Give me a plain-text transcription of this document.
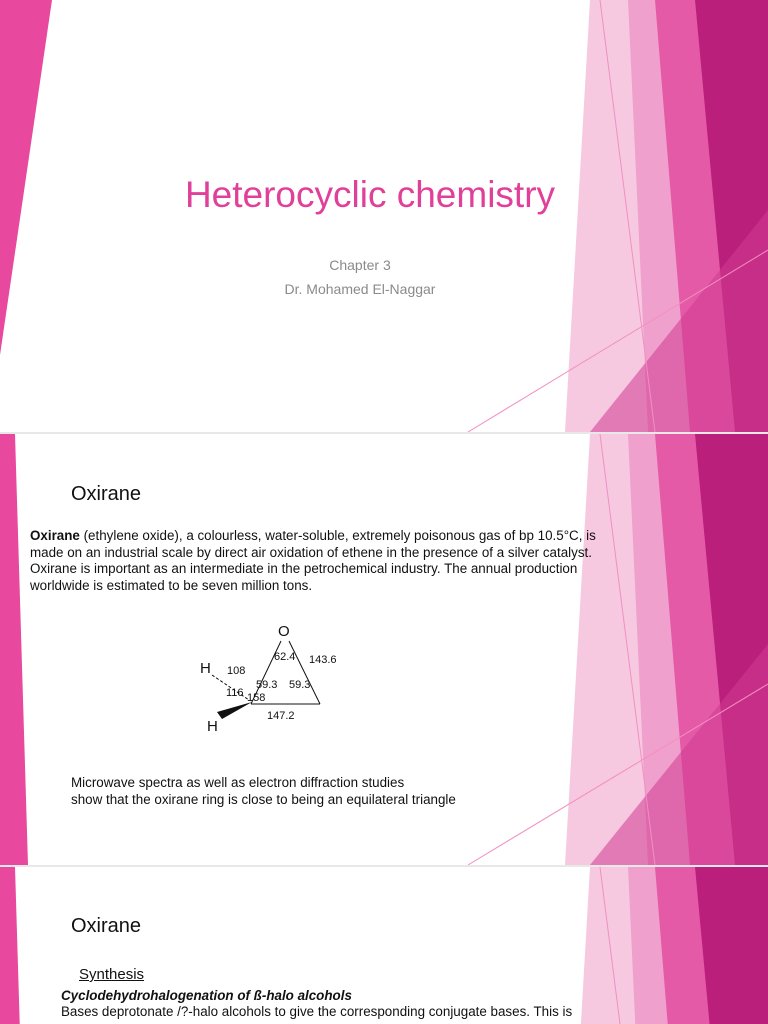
Heterocyclic chemistry
Chapter 3
Dr. Mohamed El-Naggar
Oxirane

Oxirane (ethylene oxide), a colourless, water-soluble, extremely poisonous gas of bp 10.5°C, is made on an industrial scale by direct air oxidation of ethene in the presence of a silver catalyst. Oxirane is important as an intermediate in the petrochemical industry. The annual production worldwide is estimated to be seven million tons.

O
H
H
62.4 143.6
108
59.3 59.3
116 158
147.2
Microwave spectra as well as electron diffraction studies
show that the oxirane ring is close to being an equilateral triangle
Oxirane
Synthesis
Cyclodehydrohalogenation of ß-halo alcohols
Bases deprotonate /?-halo alcohols to give the corresponding conjugate bases. This is
